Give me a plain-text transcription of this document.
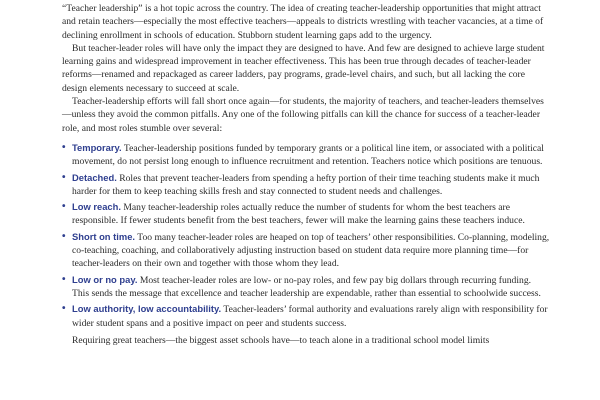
“Teacher leadership” is a hot topic across the country. The idea of creating teacher-leadership opportunities that might attract and retain teachers—especially the most effective teachers—appeals to districts wrestling with teacher vacancies, at a time of declining enrollment in schools of education. Stubborn student learning gaps add to the urgency.

But teacher-leader roles will have only the impact they are designed to have. And few are designed to achieve large student learning gains and widespread improvement in teacher effectiveness. This has been true through decades of teacher-leader reforms—renamed and repackaged as career ladders, pay programs, grade-level chairs, and such, but all lacking the core design elements necessary to succeed at scale.

Teacher-leadership efforts will fall short once again—for students, the majority of teachers, and teacher-leaders themselves—unless they avoid the common pitfalls. Any one of the following pitfalls can kill the chance for success of a teacher-leader role, and most roles stumble over several:

• Temporary. Teacher-leadership positions funded by temporary grants or a political line item, or associated with a political movement, do not persist long enough to influence recruitment and retention. Teachers notice which positions are tenuous.
• Detached. Roles that prevent teacher-leaders from spending a hefty portion of their time teaching students make it much harder for them to keep teaching skills fresh and stay connected to student needs and challenges.
• Low reach. Many teacher-leadership roles actually reduce the number of students for whom the best teachers are responsible. If fewer students benefit from the best teachers, fewer will make the learning gains these teachers induce.
• Short on time. Too many teacher-leader roles are heaped on top of teachers’ other responsibilities. Co-planning, modeling, co-teaching, coaching, and collaboratively adjusting instruction based on student data require more planning time—for teacher-leaders on their own and together with those whom they lead.
• Low or no pay. Most teacher-leader roles are low- or no-pay roles, and few pay big dollars through recurring funding. This sends the message that excellence and teacher leadership are expendable, rather than essential to schoolwide success.
• Low authority, low accountability. Teacher-leaders’ formal authority and evaluations rarely align with responsibility for wider student spans and a positive impact on peer and students success.

Requiring great teachers—the biggest asset schools have—to teach alone in a traditional school model limits
